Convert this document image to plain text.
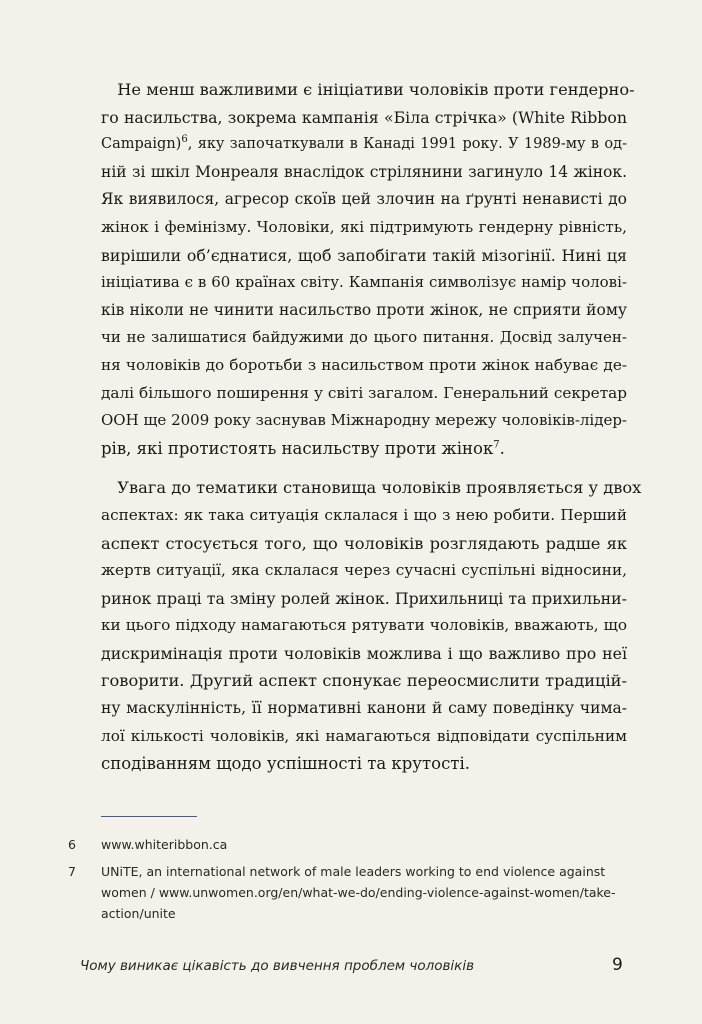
Не менш важливими є ініціативи чоловіків проти гендерно-
го насильства, зокрема кампанія «Біла стрічка» (White Ribbon
Campaign)$^6$, яку започаткували в Канаді 1991 року. У 1989-му в од-
ній зі шкіл Монреаля внаслідок стрілянини загинуло 14 жінок.
Як виявилося, агресор скоїв цей злочин на ґрунті ненависті до
жінок і фемінізму. Чоловіки, які підтримують гендерну рівність,
вирішили об’єднатися, щоб запобігати такій мізогінії. Нині ця
ініціатива є в 60 країнах світу. Кампанія символізує намір чолові-
ків ніколи не чинити насильство проти жінок, не сприяти йому
чи не залишатися байдужими до цього питання. Досвід залучен-
ня чоловіків до боротьби з насильством проти жінок набуває де-
далі більшого поширення у світі загалом. Генеральний секретар
ООН ще 2009 року заснував Міжнародну мережу чоловіків-лідер-
рів, які протистоять насильству проти жінок$^7$.

Увага до тематики становища чоловіків проявляється у двох
аспектах: як така ситуація склалася і що з нею робити. Перший
аспект стосується того, що чоловіків розглядають радше як
жертв ситуації, яка склалася через сучасні суспільні відносини,
ринок праці та зміну ролей жінок. Прихильниці та прихильни-
ки цього підходу намагаються рятувати чоловіків, вважають, що
дискримінація проти чоловіків можлива і що важливо про неї
говорити. Другий аспект спонукає переосмислити традицій-
ну маскулінність, її нормативні канони й саму поведінку чима-
лої кількості чоловіків, які намагаються відповідати суспільним
сподіванням щодо успішності та крутості.

6	www.whiteribbon.ca
7	UNiTE, an international network of male leaders working to end violence against women / www.unwomen.org/en/what-we-do/ending-violence-against-women/take-action/unite
Чому виникає цікавість до вивчення проблем чоловіків	9
